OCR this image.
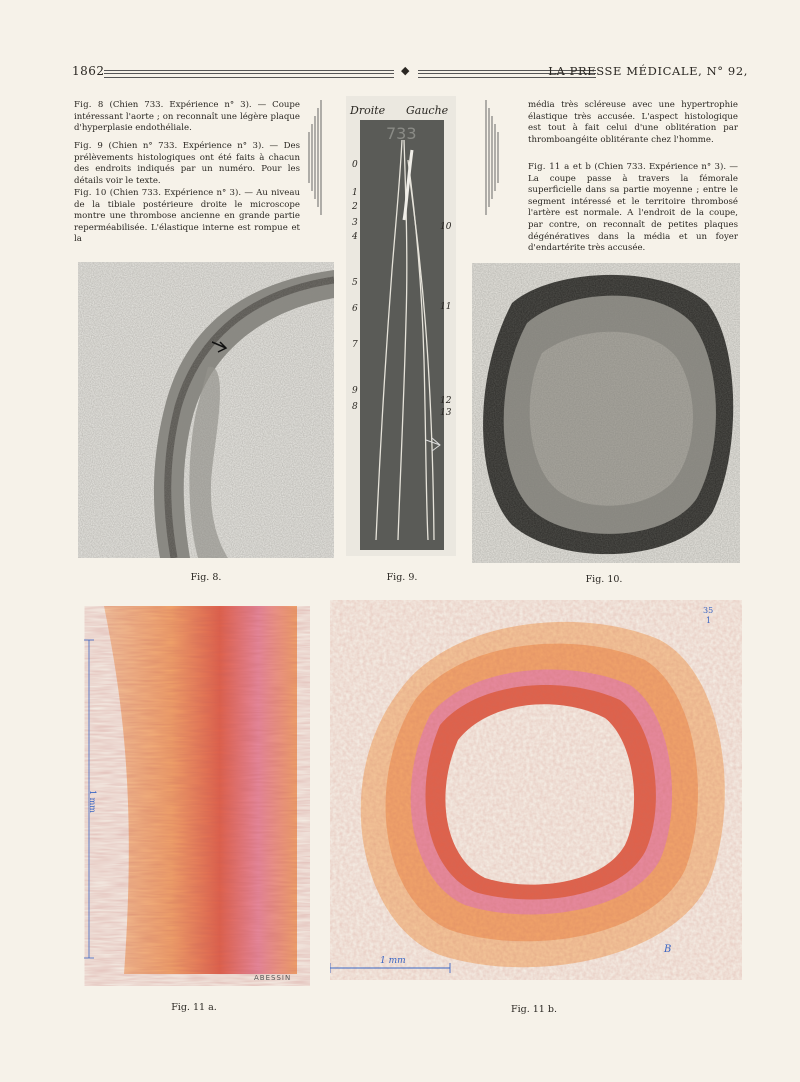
1862	◆	LA PRESSE MÉDICALE, N° 92,
Fig. 8 (Chien 733. Expérience n° 3). — Coupe intéressant l'aorte ; on reconnaît une légère plaque d'hyperplasie endothéliale.
Fig. 9 (Chien n° 733. Expérience n° 3). — Des prélèvements histologiques ont été faits à chacun des endroits indiqués par un numéro. Pour les détails voir le texte.
Fig. 10 (Chien 733. Expérience n° 3). — Au niveau de la tibiale postérieure droite le microscope montre une thrombose ancienne en grande partie reperméabilisée. L'élastique interne est rompue et la
média très scléreuse avec une hypertrophie élastique très accusée. L'aspect histologique est tout à fait celui d'une oblitération par thromboangéite oblitérante chez l'homme.
Fig. 11 a et b (Chien 733. Expérience n° 3). — La coupe passe à travers la fémorale superficielle dans sa partie moyenne ; entre le segment intéressé et le territoire thrombosé l'artère est normale. A l'endroit de la coupe, par contre, on reconnaît de petites plaques dégénératives dans la média et un foyer d'endartérite très accusée.
Fig. 8.
Droite Gauche
733
0
1
2
3
4
5
6
7
9
8
10
11
12
13
Fig. 9.	Fig. 10.
1 mm
ABESSIN
Fig. 11 a.
1 mm
35
1
B
Fig. 11 b.
